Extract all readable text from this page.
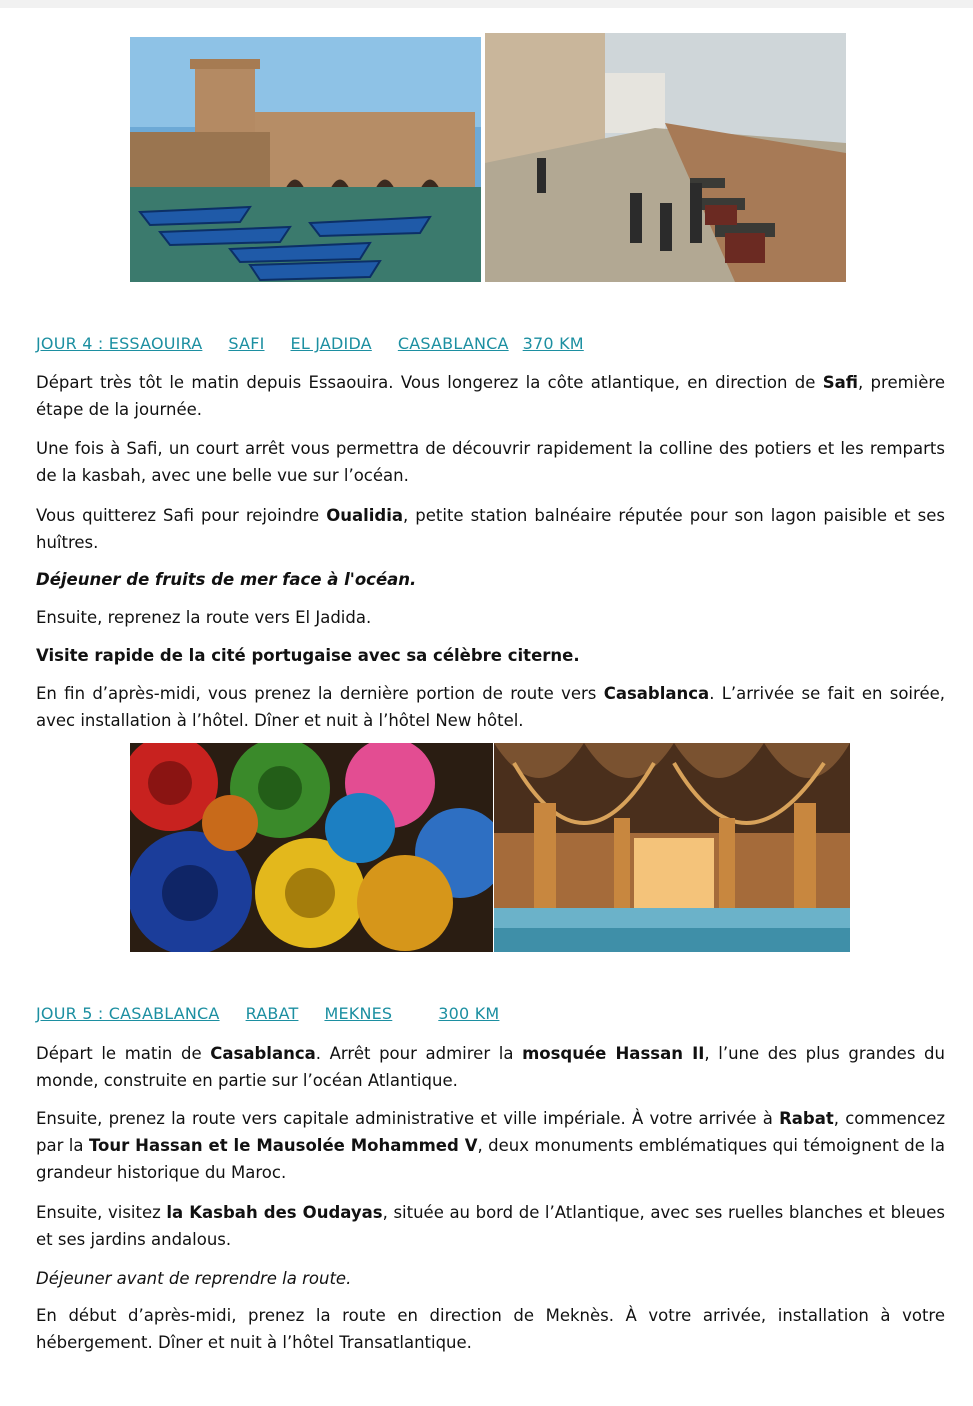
JOUR 4 : ESSAOUIRA SAFI EL JADIDA CASABLANCA 370 KM
Départ très tôt le matin depuis Essaouira. Vous longerez la côte atlantique, en direction de Safi, première étape de la journée.
Une fois à Safi, un court arrêt vous permettra de découvrir rapidement la colline des potiers et les remparts de la kasbah, avec une belle vue sur l’océan.
Vous quitterez Safi pour rejoindre Oualidia, petite station balnéaire réputée pour son lagon paisible et ses huîtres.
Déjeuner de fruits de mer face à l'océan.
Ensuite, reprenez la route vers El Jadida.
Visite rapide de la cité portugaise avec sa célèbre citerne.
En fin d’après-midi, vous prenez la dernière portion de route vers Casablanca. L’arrivée se fait en soirée, avec installation à l’hôtel. Dîner et nuit à l’hôtel New hôtel.
JOUR 5 : CASABLANCA RABAT MEKNES	300 KM
Départ le matin de Casablanca. Arrêt pour admirer la mosquée Hassan II, l’une des plus grandes du monde, construite en partie sur l’océan Atlantique.
Ensuite, prenez la route vers capitale administrative et ville impériale. À votre arrivée à Rabat, commencez par la Tour Hassan et le Mausolée Mohammed V, deux monuments emblématiques qui témoignent de la grandeur historique du Maroc.
Ensuite, visitez la Kasbah des Oudayas, située au bord de l’Atlantique, avec ses ruelles blanches et bleues et ses jardins andalous.
Déjeuner avant de reprendre la route.
En début d’après-midi, prenez la route en direction de Meknès. À votre arrivée, installation à votre hébergement. Dîner et nuit à l’hôtel Transatlantique.
